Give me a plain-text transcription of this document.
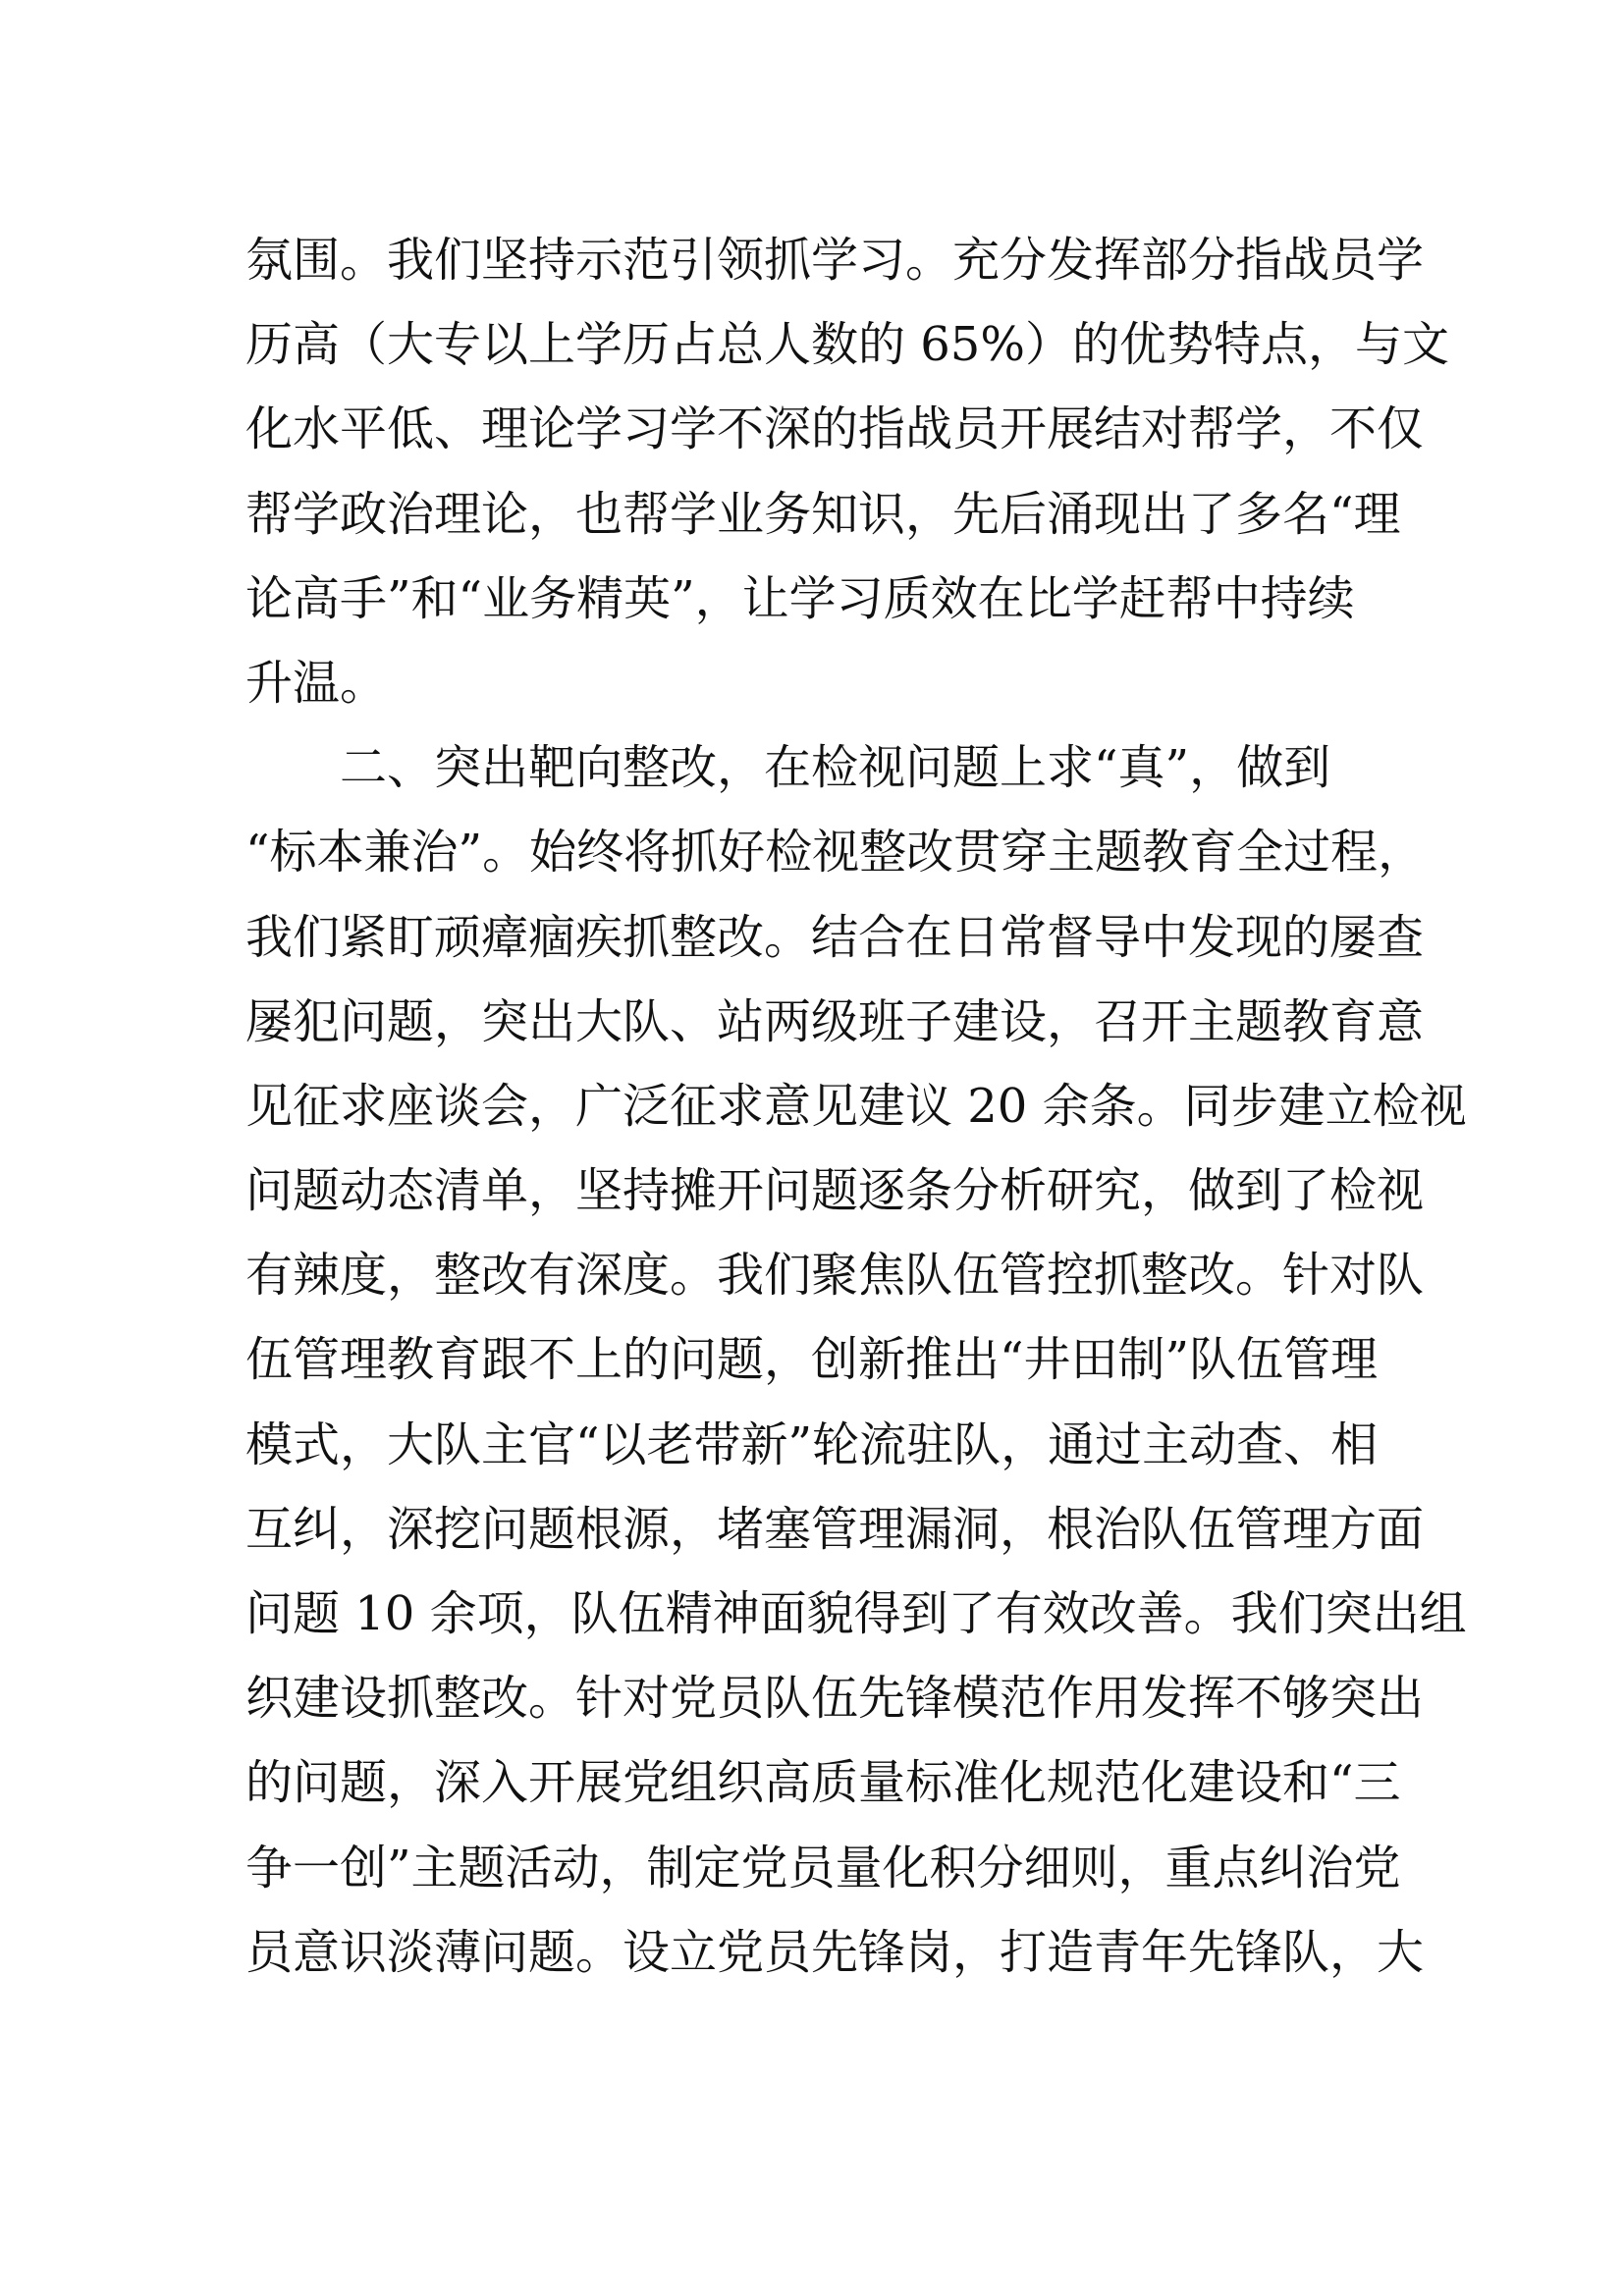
氛围。我们坚持示范引领抓学习。充分发挥部分指战员学
历高（大专以上学历占总人数的 65%）的优势特点，与文
化水平低、理论学习学不深的指战员开展结对帮学，不仅
帮学政治理论，也帮学业务知识，先后涌现出了多名“理
论高手”和“业务精英”，让学习质效在比学赶帮中持续
升温。
二、突出靶向整改，在检视问题上求“真”，做到
“标本兼治”。始终将抓好检视整改贯穿主题教育全过程，
我们紧盯顽瘴痼疾抓整改。结合在日常督导中发现的屡查
屡犯问题，突出大队、站两级班子建设，召开主题教育意
见征求座谈会，广泛征求意见建议 20 余条。同步建立检视
问题动态清单，坚持摊开问题逐条分析研究，做到了检视
有辣度，整改有深度。我们聚焦队伍管控抓整改。针对队
伍管理教育跟不上的问题，创新推出“井田制”队伍管理
模式，大队主官“以老带新”轮流驻队，通过主动查、相
互纠，深挖问题根源，堵塞管理漏洞，根治队伍管理方面
问题 10 余项，队伍精神面貌得到了有效改善。我们突出组
织建设抓整改。针对党员队伍先锋模范作用发挥不够突出
的问题，深入开展党组织高质量标准化规范化建设和“三
争一创”主题活动，制定党员量化积分细则，重点纠治党
员意识淡薄问题。设立党员先锋岗，打造青年先锋队，大
